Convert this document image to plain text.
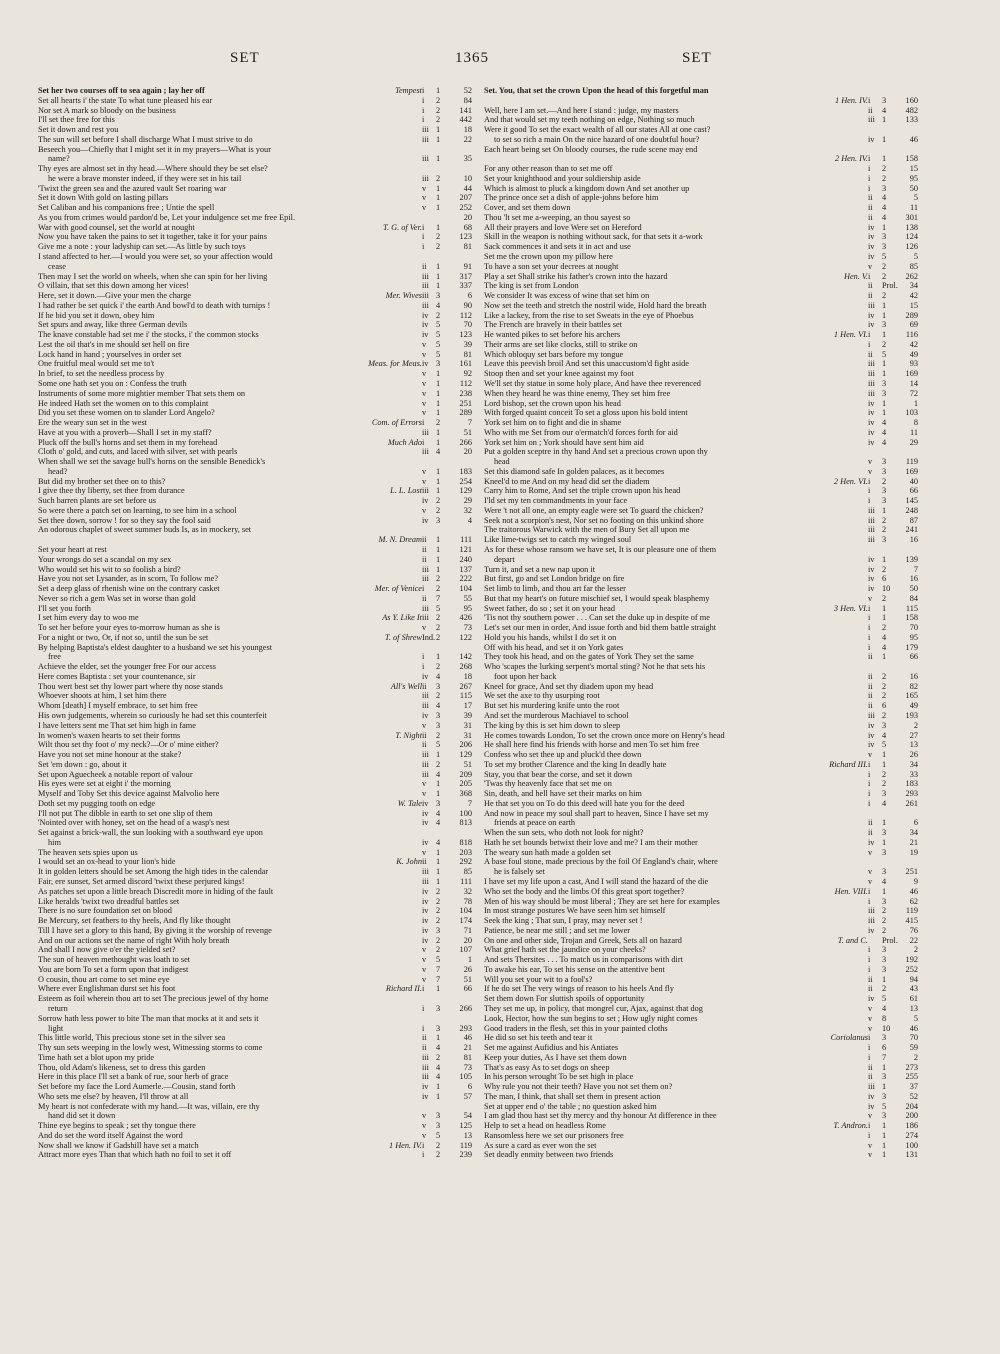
SET	1365	SET
Set her two courses off to sea again ; lay her off	Tempest i 1	52
Set all hearts i' the state To what tune pleased his ear	i 2	84
Nor set A mark so bloody on the business	i 2 141
I'll set thee free for this	i 2 442
Set it down and rest you	iii 1	18
The sun will set before I shall discharge What I must strive to do	iii 1	22
Beseech you—Chiefly that I might set it in my prayers—What is your
name?	iii 1	35
Thy eyes are almost set in thy head.—Where should they be set else?
he were a brave monster indeed, if they were set in his tail	iii 2	10
'Twixt the green sea and the azured vault Set roaring war	v 1	44
Set it down With gold on lasting pillars	v 1 207
Set Caliban and his companions free ; Untie the spell	v 1 252
As you from crimes would pardon'd be, Let your indulgence set me free Epil.	20
War with good counsel, set the world at nought	T. G. of Ver. i 1	68
Now you have taken the pains to set it together, take it for your pains	i 2 123
Give me a note : your ladyship can set.—As little by such toys	i 2	81
I stand affected to her.—I would you were set, so your affection would
cease	ii 1	91
Then may I set the world on wheels, when she can spin for her living	iii 1 317
O villain, that set this down among her vices!	iii 1 337
Here, set it down.—Give your men the charge	Mer. Wives iii 3	6
I had rather be set quick i' the earth And bowl'd to death with turnips !	iii 4	90
If he bid you set it down, obey him	iv 2 112
Set spurs and away, like three German devils	iv 5	70
The knave constable had set me i' the stocks, i' the common stocks	iv 5 123
Lest the oil that's in me should set hell on fire	v 5	39
Lock hand in hand ; yourselves in order set	v 5	81
One fruitful meal would set me to't	Meas. for Meas. iv 3 161
In brief, to set the needless process by	v 1	92
Some one hath set you on : Confess the truth	v 1 112
Instruments of some more mightier member That sets them on	v 1 238
He indeed Hath set the women on to this complaint	v 1 251
Did you set these women on to slander Lord Angelo?	v 1 289
Ere the weary sun set in the west	Com. of Errors i 2	7
Have at you with a proverb—Shall I set in my staff?	iii 1	51
Pluck off the bull's horns and set them in my forehead	Much Ado i 1 266
Cloth o' gold, and cuts, and laced with silver, set with pearls	iii 4	20
When shall we set the savage bull's horns on the sensible Benedick's
head?	v 1 183
But did my brother set thee on to this?	v 1 254
I give thee thy liberty, set thee from durance	L. L. Lost iii 1 129
Such barren plants are set before us	iv 2	29
So were there a patch set on learning, to see him in a school	v 2	32
Set thee down, sorrow ! for so they say the fool said	iv 3	4
An odorous chaplet of sweet summer buds Is, as in mockery, set
M. N. Dream ii 1 111
Set your heart at rest	ii 1 121
Your wrongs do set a scandal on my sex	ii 1 240
Who would set his wit to so foolish a bird?	iii 1 137
Have you not set Lysander, as in scorn, To follow me?	iii 2 222
Set a deep glass of rhenish wine on the contrary casket	Mer. of Venice i 2 104
Never so rich a gem Was set in worse than gold	ii 7	55
I'll set you forth	iii 5	95
I set him every day to woo me	As Y. Like It iii 2 426
To set her before your eyes to-morrow human as she is	v 2	73
For a night or two, Or, if not so, until the sun be set	T. of Shrew Ind. 2 122
By helping Baptista's eldest daughter to a husband we set his youngest
free	i 1 142
Achieve the elder, set the younger free For our access	i 2 268
Here comes Baptista : set your countenance, sir	iv 4	18
Thou wert best set thy lower part where thy nose stands	All's Well ii 3 267
Whoever shoots at him, I set him there	iii 2 115
Whom [death] I myself embrace, to set him free	iii 4	17
His own judgements, wherein so curiously he had set this counterfeit	iv 3	39
I have letters sent me That set him high in fame	v 3	31
In women's waxen hearts to set their forms	T. Night ii 2	31
Wilt thou set thy foot o' my neck?—Or o' mine either?	ii 5 206
Have you not set mine honour at the stake?	iii 1 129
Set 'em down : go, about it	iii 2	51
Set upon Aguecheek a notable report of valour	iii 4 209
His eyes were set at eight i' the morning	v 1 205
Myself and Toby Set this device against Malvolio here	v 1 368
Doth set my pugging tooth on edge	W. Tale iv 3	7
I'll not put The dibble in earth to set one slip of them	iv 4 100
'Nointed over with honey, set on the head of a wasp's nest	iv 4 813
Set against a brick-wall, the sun looking with a southward eye upon
him	iv 4 818
The heaven sets spies upon us	v 1 203
I would set an ox-head to your lion's hide	K. John ii 1 292
It in golden letters should be set Among the high tides in the calendar	iii 1	85
Fair, ere sunset, Set armed discord 'twixt these perjured kings!	iii 1 111
As patches set upon a little breach Discredit more in hiding of the fault	iv 2	32
Like heralds 'twixt two dreadful battles set	iv 2	78
There is no sure foundation set on blood	iv 2 104
Be Mercury, set feathers to thy heels, And fly like thought	iv 2 174
Till I have set a glory to this hand, By giving it the worship of revenge	iv 3	71
And on our actions set the name of right With holy breath	iv 2	20
And shall I now give o'er the yielded set?	v 2 107
The sun of heaven methought was loath to set	v 5	1
You are born To set a form upon that indigest	v 7	26
O cousin, thou art come to set mine eye	v 7	51
Where ever Englishman durst set his foot	Richard II. i 1	66
Esteem as foil wherein thou art to set The precious jewel of thy home
return	i 3 266
Sorrow hath less power to bite The man that mocks at it and sets it
light	i 3 293
This little world, This precious stone set in the silver sea	ii 1	46
Thy sun sets weeping in the lowly west, Witnessing storms to come	ii 4	21
Time hath set a blot upon my pride	iii 2	81
Thou, old Adam's likeness, set to dress this garden	iii 4	73
Here in this place I'll set a bank of rue, sour herb of grace	iii 4 105
Set before my face the Lord Aumerle.—Cousin, stand forth	iv 1	6
Who sets me else? by heaven, I'll throw at all	iv 1	57
My heart is not confederate with my hand.—It was, villain, ere thy
hand did set it down	v 3	54
Thine eye begins to speak ; set thy tongue there	v 3 125
And do set the word itself Against the word	v 5	13
Now shall we know if Gadshill have set a match	1 Hen. IV. i 2 119
Attract more eyes Than that which hath no foil to set it off	i 2 239
Set. You, that set the crown Upon the head of this forgetful man
1 Hen. IV. i 3 160
Well, here I am set.—And here I stand : judge, my masters	ii 4 482
And that would set my teeth nothing on edge, Nothing so much	iii 1 133
Were it good To set the exact wealth of all our states All at one cast?
to set so rich a main On the nice hazard of one doubtful hour?	iv 1	46
Each heart being set On bloody courses, the rude scene may end
2 Hen. IV. i 1 158
For any other reason than to set me off	i 2	15
Set your knighthood and your soldiership aside	i 2	95
Which is almost to pluck a kingdom down And set another up	i 3	50
The prince once set a dish of apple-johns before him	ii 4	5
Cover, and set them down	ii 4	11
Thou 'lt set me a-weeping, an thou sayest so	ii 4 301
All their prayers and love Were set on Hereford	iv 1 138
Skill in the weapon is nothing without sack, for that sets it a-work	iv 3 124
Sack commences it and sets it in act and use	iv 3 126
Set me the crown upon my pillow here	iv 5	5
To have a son set your decrees at nought	v 2	85
Play a set Shall strike his father's crown into the hazard	Hen. V. i 2 262
The king is set from London	ii Prol. 34
We consider It was excess of wine that set him on	ii 2	42
Now set the teeth and stretch the nostril wide, Hold hard the breath	iii 1	15
Like a lackey, from the rise to set Sweats in the eye of Phoebus	iv 1 289
The French are bravely in their battles set	iv 3	69
He wanted pikes to set before his archers	1 Hen. VI. i 1 116
Their arms are set like clocks, still to strike on	i 2	42
Which obloquy set bars before my tongue	ii 5	49
Leave this peevish broil And set this unaccustom'd fight aside	iii 1	93
Stoop then and set your knee against my foot	iii 1 169
We'll set thy statue in some holy place, And have thee reverenced	iii 3	14
When they heard he was thine enemy, They set him free	iii 3	72
Lord bishop, set the crown upon his head	iv 1	1
With forged quaint conceit To set a gloss upon his bold intent	iv 1 103
York set him on to fight and die in shame	iv 4	8
Who with me Set from our o'ermatch'd forces forth for aid	iv 4	11
York set him on ; York should have sent him aid	iv 4	29
Put a golden sceptre in thy hand And set a precious crown upon thy
head	v 3 119
Set this diamond safe In golden palaces, as it becomes	v 3 169
Kneel'd to me And on my head did set the diadem	2 Hen. VI. i 2	40
Carry him to Rome, And set the triple crown upon his head	i 3	66
I'ld set my ten commandments in your face	i 3 145
Were 't not all one, an empty eagle were set To guard the chicken?	iii 1 248
Seek not a scorpion's nest, Nor set no footing on this unkind shore	iii 2	87
The traitorous Warwick with the men of Bury Set all upon me	iii 2 241
Like lime-twigs set to catch my winged soul	iii 3	16
As for these whose ransom we have set, It is our pleasure one of them
depart	iv 1 139
Turn it, and set a new nap upon it	iv 2	7
But first, go and set London bridge on fire	iv 6	16
Set limb to limb, and thou art far the lesser	iv 10 50
But that my heart's on future mischief set, I would speak blasphemy	v 2	84
Sweet father, do so ; set it on your head	3 Hen. VI. i 1 115
'Tis not thy southern power . . . Can set the duke up in despite of me	i 1 158
Let's set our men in order, And issue forth and bid them battle straight	i 2	70
Hold you his hands, whilst I do set it on	i 4	95
Off with his head, and set it on York gates	i 4 179
They took his head, and on the gates of York They set the same	ii 1	66
Who 'scapes the lurking serpent's mortal sting? Not he that sets his
foot upon her back	ii 2	16
Kneel for grace, And set thy diadem upon my head	ii 2	82
We set the axe to thy usurping root	ii 2 165
But set his murdering knife unto the root	ii 6	49
And set the murderous Machiavel to school	iii 2 193
The king by this is set him down to sleep	iv 3	2
He comes towards London, To set the crown once more on Henry's head	iv 4	27
He shall here find his friends with horse and men To set him free	iv 5	13
Confess who set thee up and pluck'd thee down	v 1	26
To set my brother Clarence and the king In deadly hate	Richard III. i 1	34
Stay, you that bear the corse, and set it down	i 2	33
'Twas thy heavenly face that set me on	i 2 183
Sin, death, and hell have set their marks on him	i 3 293
He that set you on To do this deed will hate you for the deed	i 4 261
And now in peace my soul shall part to heaven, Since I have set my
friends at peace on earth	ii 1	6
When the sun sets, who doth not look for night?	ii 3	34
Hath he set bounds betwixt their love and me? I am their mother	iv 1	21
The weary sun hath made a golden set	v 3	19
A base foul stone, made precious by the foil Of England's chair, where
he is falsely set	v 3 251
I have set my life upon a cast, And I will stand the hazard of the die	v 4	9
Who set the body and the limbs Of this great sport together?	Hen. VIII. i 1	46
Men of his way should be most liberal ; They are set here for examples	i 3	62
In most strange postures We have seen him set himself	iii 2 119
Seek the king ; That sun, I pray, may never set !	iii 2 415
Patience, be near me still ; and set me lower	iv 2	76
On one and other side, Trojan and Greek, Sets all on hazard	T. and C. Prol. 22
What grief hath set the jaundice on your cheeks?	i 3	2
And sets Thersites . . . To match us in comparisons with dirt	i 3 192
To awake his ear, To set his sense on the attentive bent	i 3 252
Will you set your wit to a fool's?	ii 1	94
If he do set The very wings of reason to his heels And fly	ii 2	43
Set them down For sluttish spoils of opportunity	iv 5	61
They set me up, in policy, that mongrel cur, Ajax, against that dog	v 4	13
Look, Hector, how the sun begins to set ; How ugly night comes	v 8	5
Good traders in the flesh, set this in your painted cloths	v 10 46
He did so set his teeth and tear it	Coriolanus i 3	70
Set me against Aufidius and his Antiates	i 6	59
Keep your duties, As I have set them down	i 7	2
That's as easy As to set dogs on sheep	ii 1 273
In his person wrought To be set high in place	ii 3 255
Why rule you not their teeth? Have you not set them on?	iii 1	37
The man, I think, that shall set them in present action	iv 3	52
Set at upper end o' the table ; no question asked him	iv 5 204
I am glad thou hast set thy mercy and thy honour At difference in thee	v 3 200
Help to set a head on headless Rome	T. Andron. i 1 186
Ransomless here we set our prisoners free	i 1 274
As sure a card as ever won the set	v 1 100
Set deadly enmity between two friends	v 1 131
